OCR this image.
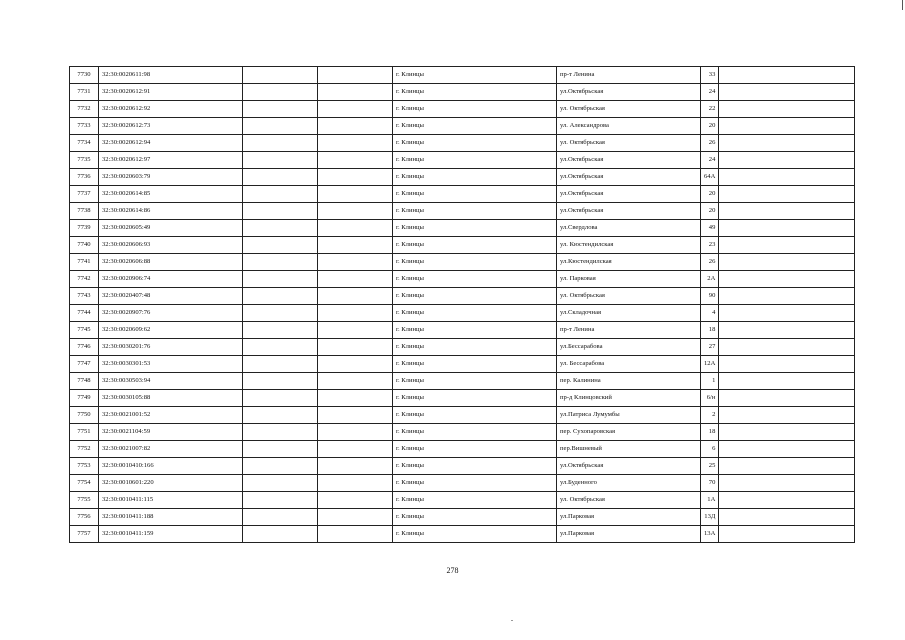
7730	32:30:0020611:98			г. Клинцы	пр-т Ленина	33	
7731	32:30:0020612:91			г. Клинцы	ул.Октябрьская	24	
7732	32:30:0020612:92			г. Клинцы	ул. Октябрьская	22	
7733	32:30:0020612:73			г. Клинцы	ул. Александрова	20	
7734	32:30:0020612:94			г. Клинцы	ул. Октябрьская	26	
7735	32:30:0020612:97			г. Клинцы	ул.Октябрьская	24	
7736	32:30:0020603:79			г. Клинцы	ул.Октябрьская	64А	
7737	32:30:0020614:85			г. Клинцы	ул.Октябрьская	20	
7738	32:30:0020614:86			г. Клинцы	ул.Октябрьская	20	
7739	32:30:0020605:49			г. Клинцы	ул.Свердлова	49	
7740	32:30:0020606:93			г. Клинцы	ул. Кюстендилская	23	
7741	32:30:0020606:88			г. Клинцы	ул.Кюстендилская	26	
7742	32:30:0020906:74			г. Клинцы	ул. Парковая	2А	
7743	32:30:0020407:48			г. Клинцы	ул. Октябрьская	90	
7744	32:30:0020907:76			г. Клинцы	ул.Складочная	4	
7745	32:30:0020609:62			г. Клинцы	пр-т Ленина	18	
7746	32:30:0030201:76			г. Клинцы	ул.Бессарабова	27	
7747	32:30:0030301:53			г. Клинцы	ул. Бессарабова	12А	
7748	32:30:0030503:94			г. Клинцы	пер. Калинина	1	
7749	32:30:0030105:88			г. Клинцы	пр-д Клинцовский	6/н	
7750	32:30:0021001:52			г. Клинцы	ул.Патриса Лумумбы	2	
7751	32:30:0021104:59			г. Клинцы	пер. Сухопаровская	18	
7752	32:30:0021007:82			г. Клинцы	пер.Вишневый	6	
7753	32:30:0010410:166			г. Клинцы	ул.Октябрьская	25	
7754	32:30:0010601:220			г. Клинцы	ул.Буденного	70	
7755	32:30:0010411:115			г. Клинцы	ул. Октябрьская	1А	
7756	32:30:0010411:188			г. Клинцы	ул.Парковая	13Д	
7757	32:30:0010411:159			г. Клинцы	ул.Парковая	13А	
278
